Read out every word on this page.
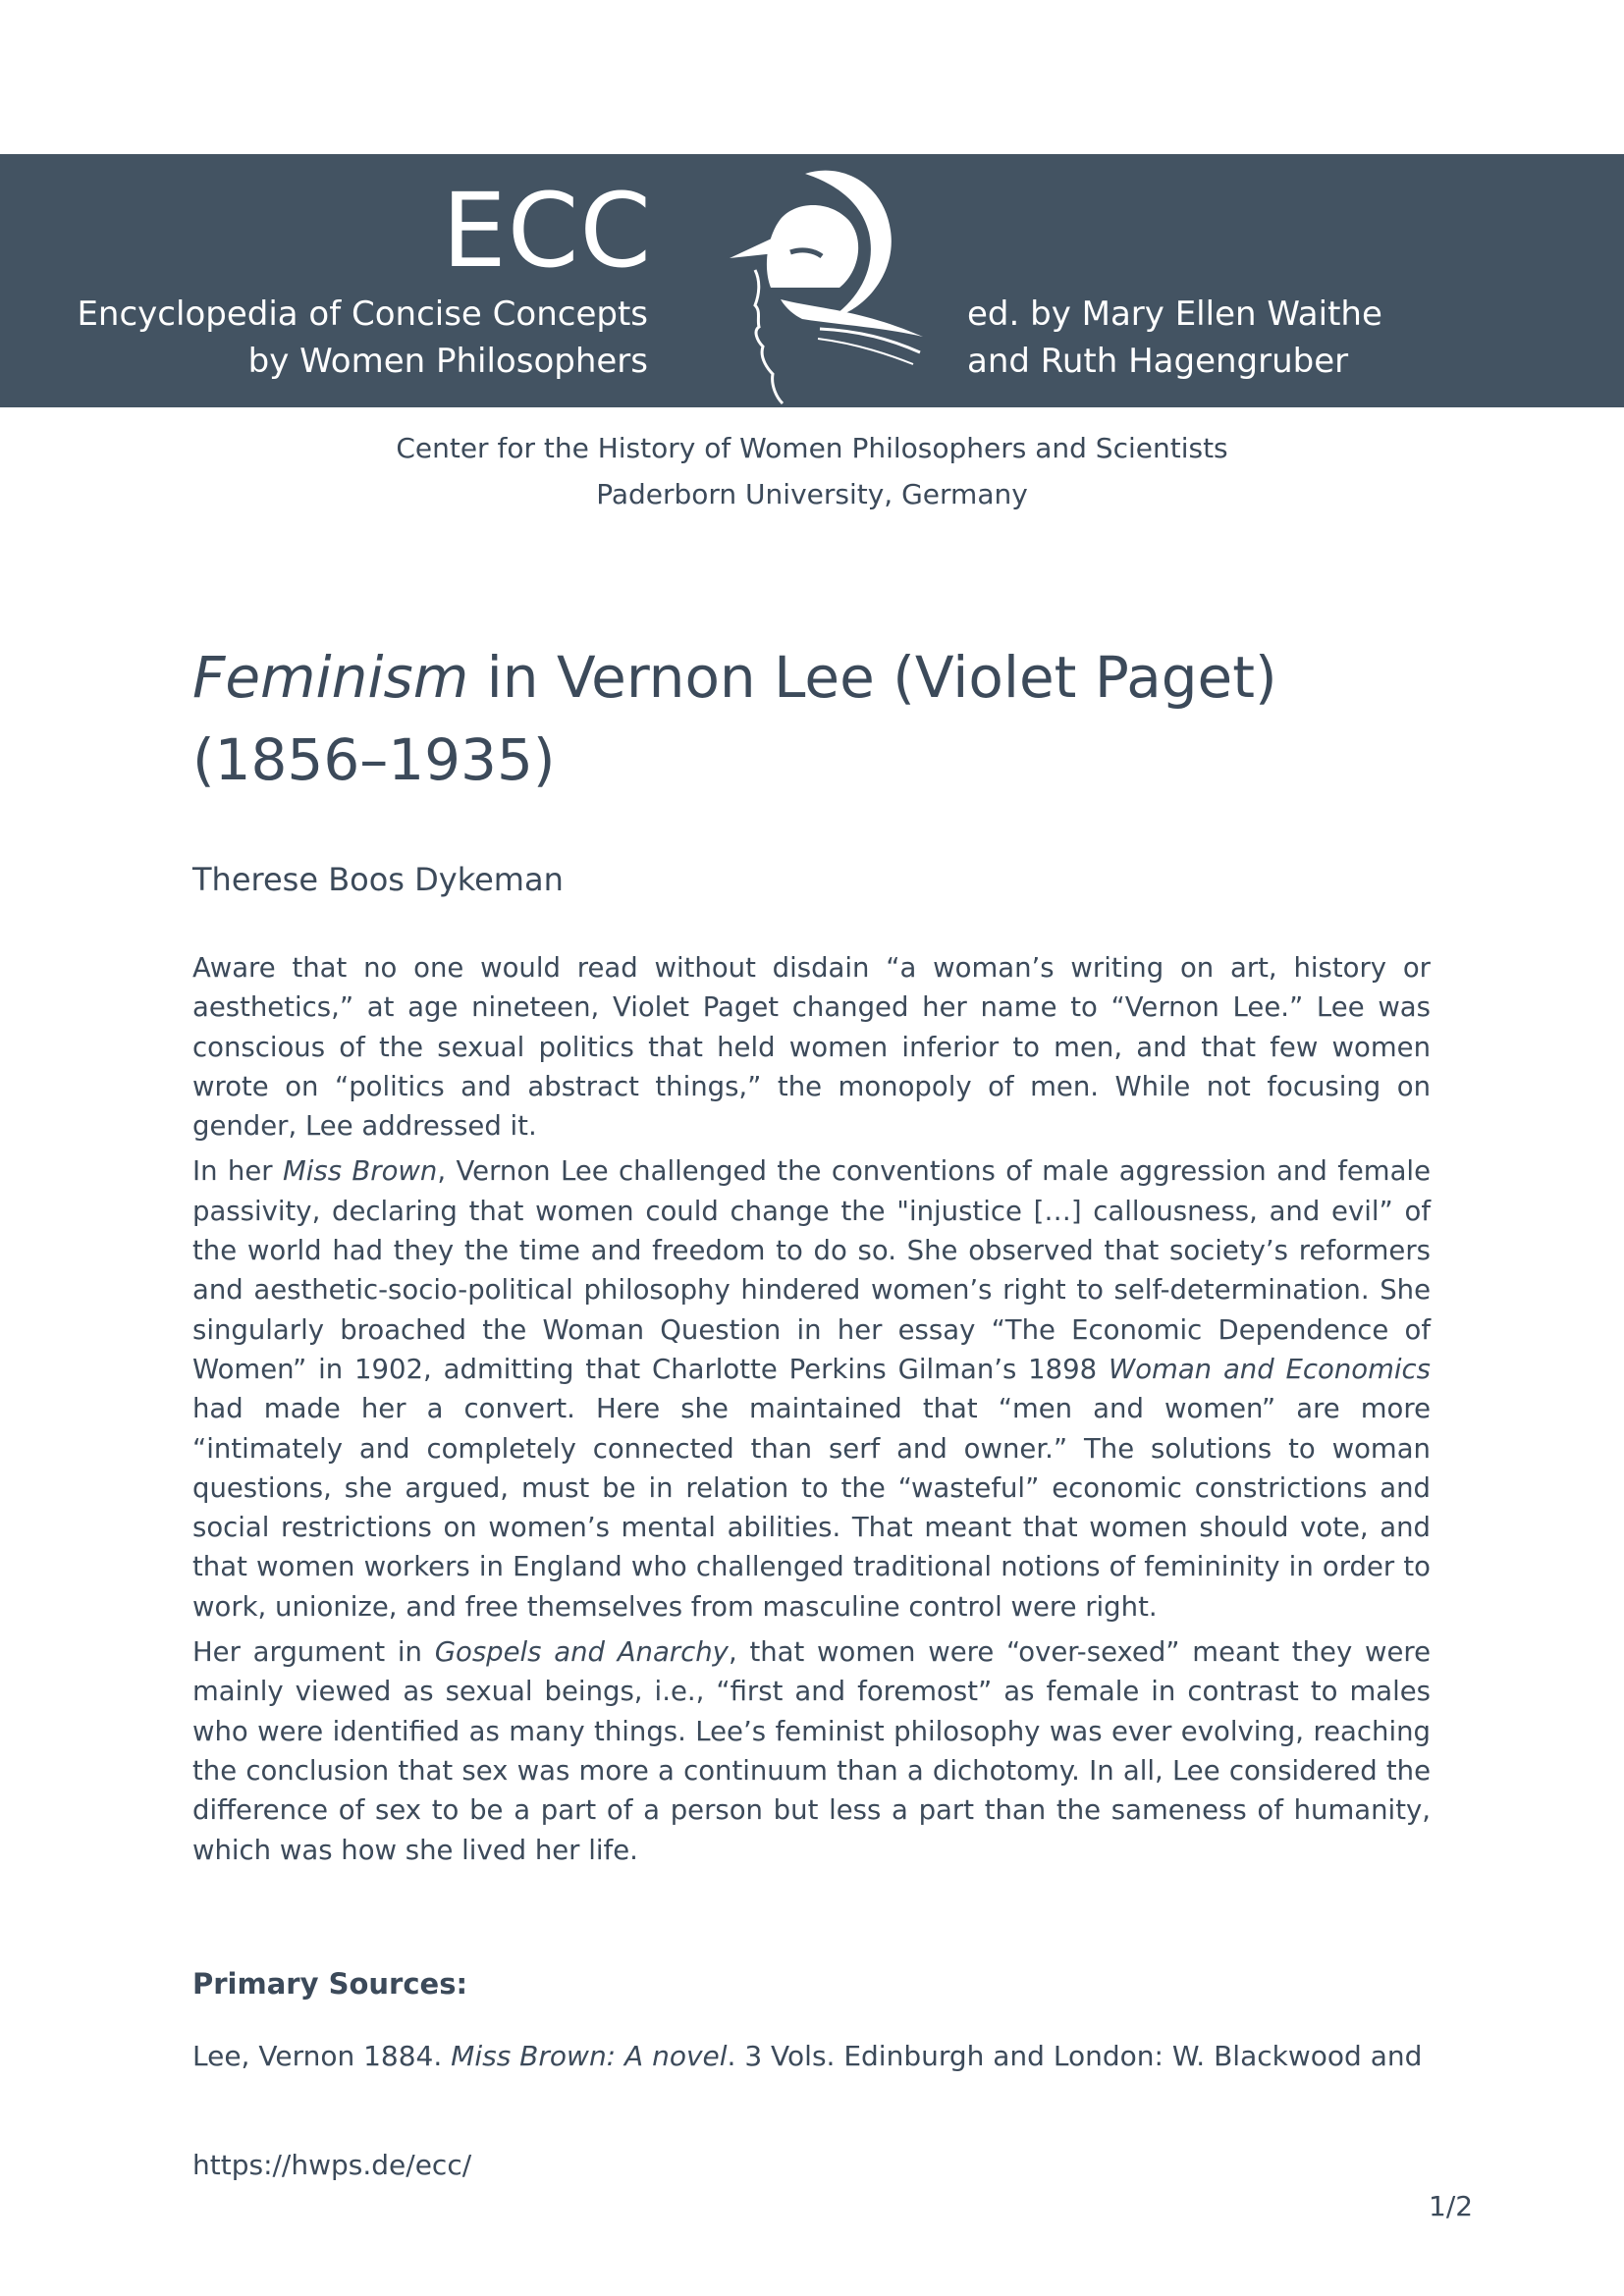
ECC
Encyclopedia of Concise Concepts
by Women Philosophers
ed. by Mary Ellen Waithe
and Ruth Hagengruber
Center for the History of Women Philosophers and Scientists
Paderborn University, Germany
Feminism in Vernon Lee (Violet Paget) (1856–1935)
Therese Boos Dykeman

Aware that no one would read without disdain “a woman’s writing on art, history or aesthetics,” at age nineteen, Violet Paget changed her name to “Vernon Lee.” Lee was conscious of the sexual politics that held women inferior to men, and that few women wrote on “politics and abstract things,” the monopoly of men. While not focusing on gender, Lee addressed it.

In her Miss Brown, Vernon Lee challenged the conventions of male aggression and female passivity, declaring that women could change the "injustice […] callousness, and evil” of the world had they the time and freedom to do so. She observed that society’s reformers and aesthetic-socio-political philosophy hindered women’s right to self-determination. She singularly broached the Woman Question in her essay “The Economic Dependence of Women” in 1902, admitting that Charlotte Perkins Gilman’s 1898 Woman and Economics had made her a convert. Here she maintained that “men and women” are more “intimately and completely connected than serf and owner.” The solutions to woman questions, she argued, must be in relation to the “wasteful” economic constrictions and social restrictions on women’s mental abilities. That meant that women should vote, and that women workers in England who challenged traditional notions of femininity in order to work, unionize, and free themselves from masculine control were right.

Her argument in Gospels and Anarchy, that women were “over-sexed” meant they were mainly viewed as sexual beings, i.e., “first and foremost” as female in contrast to males who were identified as many things. Lee’s feminist philosophy was ever evolving, reaching the conclusion that sex was more a continuum than a dichotomy. In all, Lee considered the difference of sex to be a part of a person but less a part than the sameness of humanity, which was how she lived her life.

Primary Sources:
Lee, Vernon 1884. Miss Brown: A novel. 3 Vols. Edinburgh and London: W. Blackwood and
https://hwps.de/ecc/
1/2
